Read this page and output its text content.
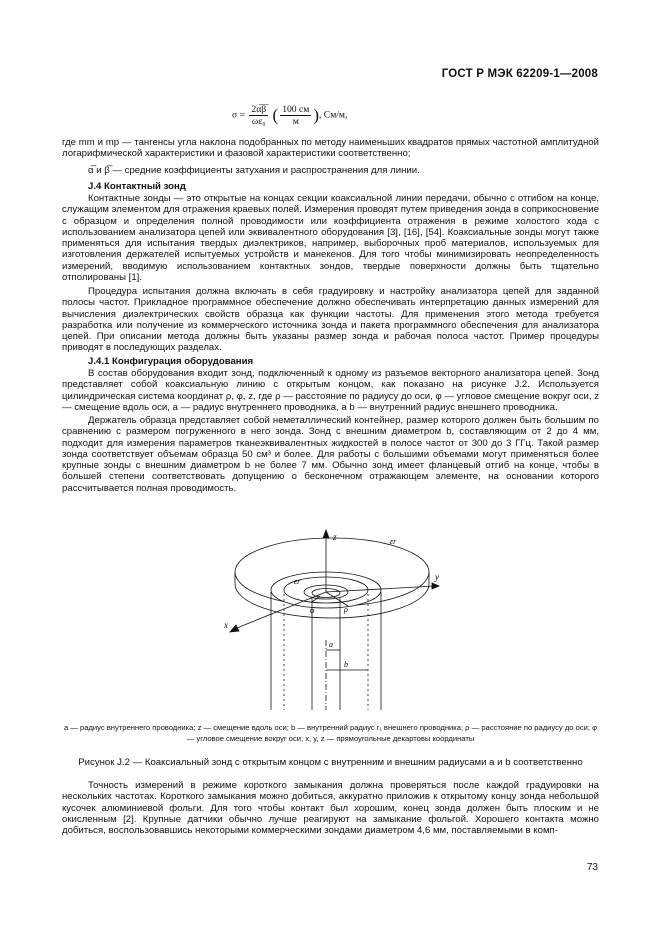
ГОСТ Р МЭК 62209-1—2008
$\sigma = \frac{2\alpha̅\beta̅}{\text{ωε₀}}$ ( $\frac{100 см}{м}$ ), См/м,
где mm и mp — тангенсы угла наклона подобранных по методу наименьших квадратов прямых частотной амплитудной логарифмической характеристики и фазовой характеристики соответственно;
α̅ и β̅ — средние коэффициенты затухания и распространения для линии.
J.4 Контактный зонд
Контактные зонды — это открытые на концах секции коаксиальной линии передачи, обычно с отгибом на конце, служащим элементом для отражения краевых полей. Измерения проводят путем приведения зонда в соприкосновение с образцом и определения полной проводимости или коэффициента отражения в режиме холостого хода с использованием анализатора цепей или эквивалентного оборудования [3], [16], [54]. Коаксиальные зонды могут также применяться для испытания твердых диэлектриков, например, выборочных проб материалов, используемых для изготовления держателей испытуемых устройств и манекенов. Для того чтобы минимизировать неопределенность измерений, вводимую использованием контактных зондов, твердые поверхности должны быть тщательно отполированы [1].
Процедура испытания должна включать в себя градуировку и настройку анализатора цепей для заданной полосы частот. Прикладное программное обеспечение должно обеспечивать интерпретацию данных измерений для вычисления диэлектрических свойств образца как функции частоты. Для применения этого метода требуется разработка или получение из коммерческого источника зонда и пакета программного обеспечения для анализатора цепей. При описании метода должны быть указаны размер зонда и рабочая полоса частот. Пример процедуры приводят в последующих разделах.
J.4.1 Конфигурация оборудования
В состав оборудования входит зонд, подключенный к одному из разъемов векторного анализатора цепей. Зонд представляет собой коаксиальную линию с открытым концом, как показано на рисунке J.2. Используется цилиндрическая система координат ρ, φ, z, где ρ — расстояние по радиусу до оси, φ — угловое смещение вокруг оси, z — смещение вдоль оси, a — радиус внутреннего проводника, a b — внутренний радиус внешнего проводника.
Держатель образца представляет собой неметаллический контейнер, размер которого должен быть большим по сравнению с размером погруженного в него зонда. Зонд с внешним диаметром b, составляющим от 2 до 4 мм, подходит для измерения параметров тканеэквивалентных жидкостей в полосе частот от 300 до 3 ГГц. Такой размер зонда соответствует объемам образца 50 см³ и более. Для работы с большими объемами могут применяться более крупные зонды с внешним диаметром b не более 7 мм. Обычно зонд имеет фланцевый отгиб на конце, чтобы в большей степени соответствовать допущению о бесконечном отражающем элементе, на основании которого рассчитывается полная проводимость.
z
y
x
εr
εr
ρ
φ
a
b
a — радиус внутреннего проводника; z — смещение вдоль оси; b — внутренний радиус r₁ внешнего проводника; ρ — расстояние по радиусу до оси; φ — угловое смещение вокруг оси; x, y, z — прямоугольные декартовы координаты
Рисунок J.2 — Коаксиальный зонд с открытым концом с внутренним и внешним радиусами a и b соответственно
Точность измерений в режиме короткого замыкания должна проверяться после каждой градуировки на нескольких частотах. Короткого замыкания можно добиться, аккуратно приложив к открытому концу зонда небольшой кусочек алюминиевой фольги. Для того чтобы контакт был хорошим, конец зонда должен быть плоским и не окисленным [2]. Крупные датчики обычно лучше реагируют на замыкание фольгой. Хорошего контакта можно добиться, воспользовавшись некоторыми коммерческими зондами диаметром 4,6 мм, поставляемыми в комп-
73
